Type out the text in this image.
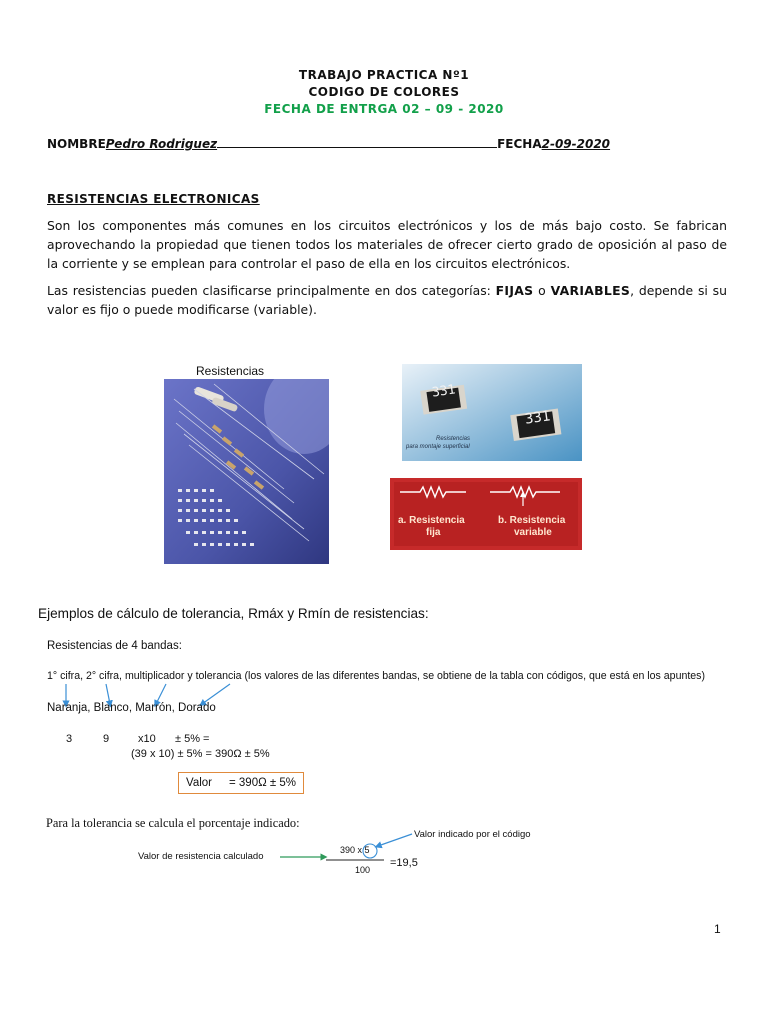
TRABAJO PRACTICA Nº1
CODIGO DE COLORES
FECHA DE ENTRGA 02 – 09 - 2020
NOMBREPedro Rodriguez	FECHA2-09-2020
RESISTENCIAS ELECTRONICAS
Son los componentes más comunes en los circuitos electrónicos y los de más bajo costo. Se fabrican aprovechando la propiedad que tienen todos los materiales de ofrecer cierto grado de oposición al paso de la corriente y se emplean para controlar el paso de ella en los circuitos electrónicos.
Las resistencias pueden clasificarse principalmente en dos categorías: FIJAS o VARIABLES, depende si su valor es fijo o puede modificarse (variable).
Resistencias
331
331
Resistencias
para montaje superficial
a. Resistencia
fija
b. Resistencia
variable
Ejemplos de cálculo de tolerancia, Rmáx y Rmín de resistencias:
Resistencias de 4 bandas:
1° cifra, 2° cifra, multiplicador y tolerancia (los valores de las diferentes bandas, se obtiene de la tabla con códigos, que está en los apuntes)
Naranja, Blanco, Marrón, Dorado
3	9	x10 ± 5% =
(39 x 10) ± 5% = 390Ω ± 5%
Valor = 390Ω ± 5%
Para la tolerancia se calcula el porcentaje indicado:
Valor indicado por el código
Valor de resistencia calculado
390 x 5
100
=19,5
1
